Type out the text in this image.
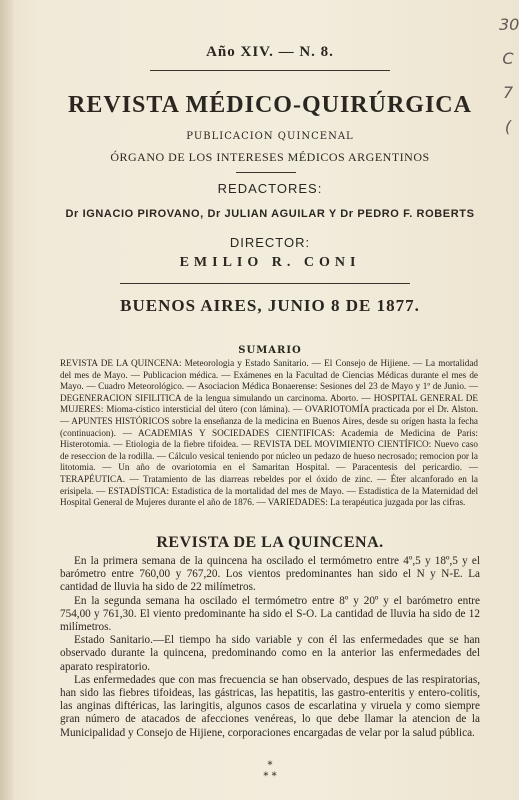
30
C
7
(
Año XIV. — N. 8.
REVISTA MÉDICO-QUIRÚRGICA
PUBLICACION QUINCENAL
ÓRGANO DE LOS INTERESES MÉDICOS ARGENTINOS
REDACTORES:
Dr IGNACIO PIROVANO, Dr JULIAN AGUILAR Y Dr PEDRO F. ROBERTS
DIRECTOR:
EMILIO R. CONI
BUENOS AIRES, JUNIO 8 DE 1877.
SUMARIO

REVISTA DE LA QUINCENA: Meteorologia y Estado Sanitario. — El Consejo de Hijiene. — La mortalidad del mes de Mayo. — Publicacion médica. — Exámenes en la Facultad de Ciencias Médicas durante el mes de Mayo. — Cuadro Meteorológico. — Asociacion Médica Bonaerense: Sesiones del 23 de Mayo y 1º de Junio. — DEGENERACION SIFILITICA de la lengua simulando un carcinoma. Aborto. — HOSPITAL GENERAL DE MUJERES: Mioma-cístico intersticial del útero (con lámina). — OVARIOTOMÍA practicada por el Dr. Alston. — APUNTES HISTÓRICOS sobre la enseñanza de la medicina en Buenos Aires, desde su orígen hasta la fecha (continuacion). — ACADEMIAS Y SOCIEDADES CIENTIFICAS: Academia de Medicina de Paris: Histerotomia. — Etiologia de la fiebre tifoidea. — REVISTA DEL MOVIMIENTO CIENTÍFICO: Nuevo caso de reseccion de la rodilla. — Cálculo vesical teniendo por núcleo un pedazo de hueso necrosado; remocion por la litotomia. — Un año de ovariotomia en el Samaritan Hospital. — Paracentesis del pericardio. — TERAPÉUTICA. — Tratamiento de las diarreas rebeldes por el óxido de zinc. — Éter alcanforado en la erisipela. — ESTADÍSTICA: Estadistica de la mortalidad del mes de Mayo. — Estadistica de la Maternidad del Hospital General de Mujeres durante el año de 1876. — VARIEDADES: La terapéutica juzgada por las cifras.

REVISTA DE LA QUINCENA.

En la primera semana de la quincena ha oscilado el termómetro entre 4º,5 y 18º,5 y el barómetro entre 760,00 y 767,20. Los vientos predominantes han sido el N y N-E. La cantidad de lluvia ha sido de 22 milímetros.

En la segunda semana ha oscilado el termómetro entre 8º y 20º y el barómetro entre 754,00 y 761,30. El viento predominante ha sido el S-O. La cantidad de lluvia ha sido de 12 milímetros.

Estado Sanitario.—El tiempo ha sido variable y con él las enfermedades que se han observado durante la quincena, predominando como en la anterior las enfermedades del aparato respiratorio.

Las enfermedades que con mas frecuencia se han observado, despues de las respiratorias, han sido las fiebres tifoideas, las gástricas, las hepatitis, las gastro-enteritis y entero-colitis, las anginas diftéricas, las laringitis, algunos casos de escarlatina y viruela y como siempre gran número de atacados de afecciones venéreas, lo que debe llamar la atencion de la Municipalidad y Consejo de Hijiene, corporaciones encargadas de velar por la salud pública.

*
* *
